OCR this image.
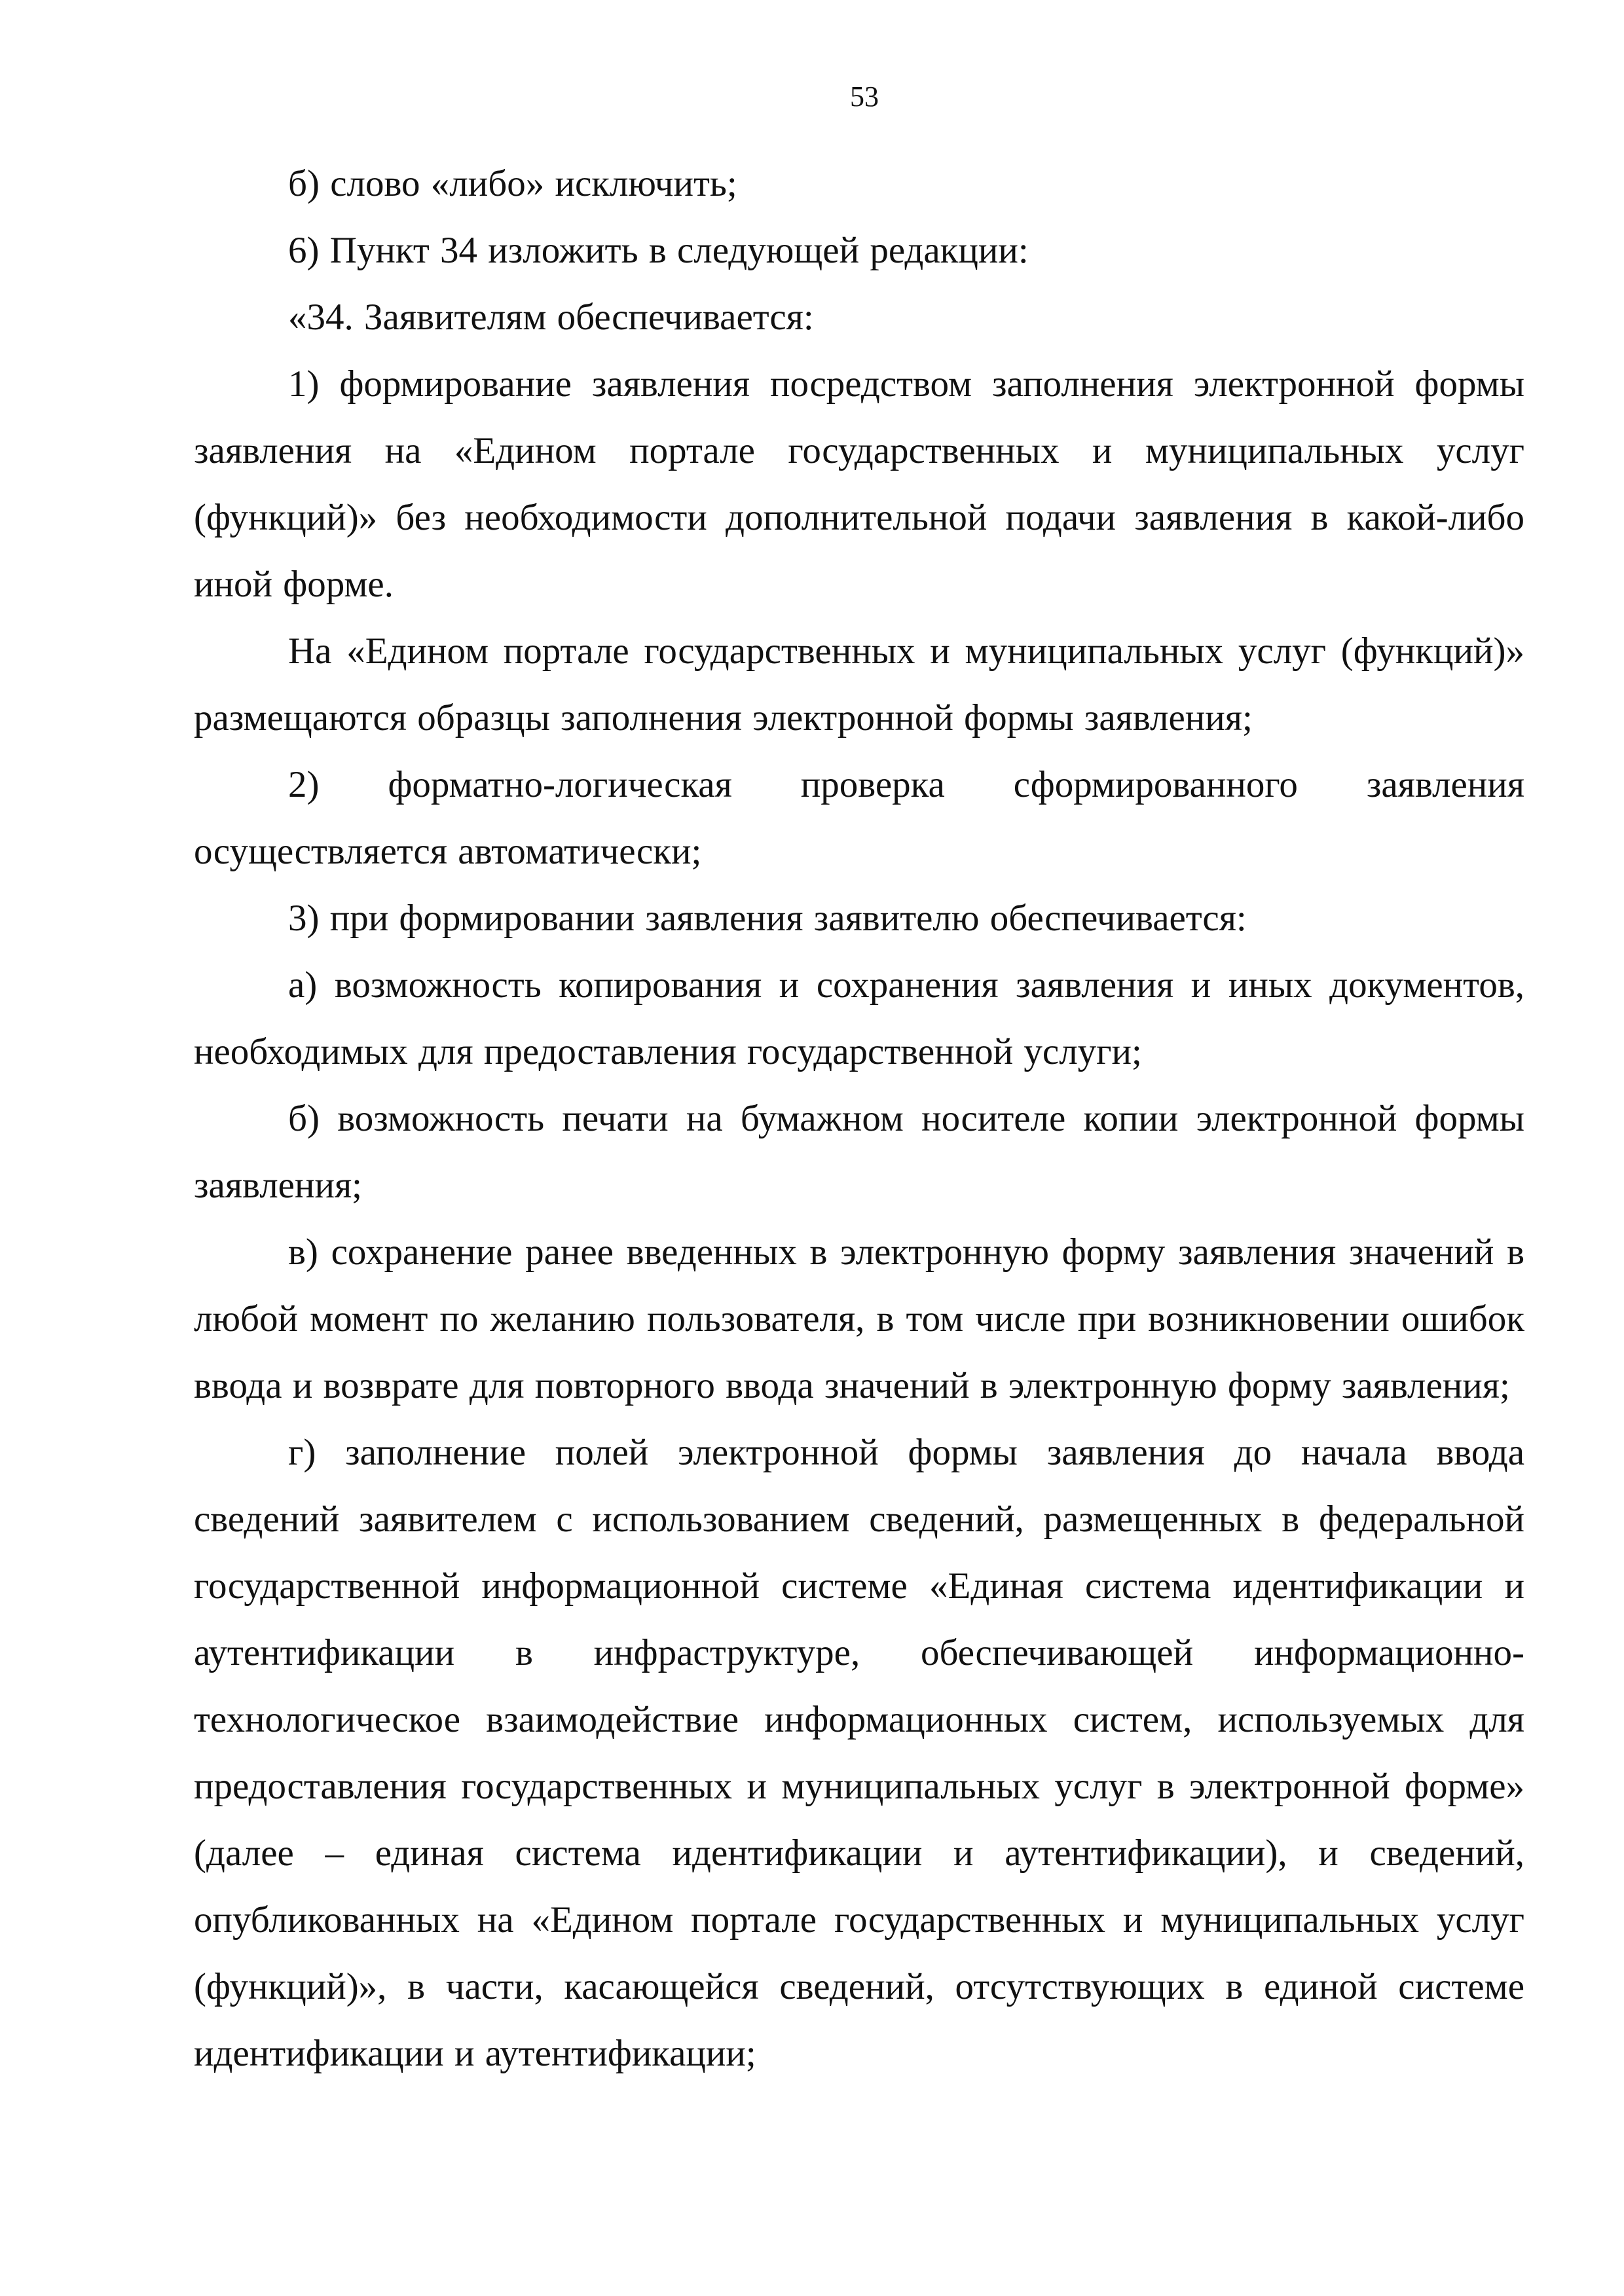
53

б) слово «либо» исключить;

6) Пункт 34 изложить в следующей редакции:

«34. Заявителям обеспечивается:

1) формирование заявления посредством заполнения электронной формы заявления на «Едином портале государственных и муниципальных услуг (функций)» без необходимости дополнительной подачи заявления в какой-либо иной форме.

На «Едином портале государственных и муниципальных услуг (функций)» размещаются образцы заполнения электронной формы заявления;

2) форматно-логическая проверка сформированного заявления осуществляется автоматически;

3) при формировании заявления заявителю обеспечивается:

а) возможность копирования и сохранения заявления и иных документов, необходимых для предоставления государственной услуги;

б) возможность печати на бумажном носителе копии электронной формы заявления;

в) сохранение ранее введенных в электронную форму заявления значений в любой момент по желанию пользователя, в том числе при возникновении ошибок ввода и возврате для повторного ввода значений в электронную форму заявления;

г) заполнение полей электронной формы заявления до начала ввода сведений заявителем с использованием сведений, размещенных в федеральной государственной информационной системе «Единая система идентификации и аутентификации в инфраструктуре, обеспечивающей информационно-технологическое взаимодействие информационных систем, используемых для предоставления государственных и муниципальных услуг в электронной форме» (далее – единая система идентификации и аутентификации), и сведений, опубликованных на «Едином портале государственных и муниципальных услуг (функций)», в части, касающейся сведений, отсутствующих в единой системе идентификации и аутентификации;
